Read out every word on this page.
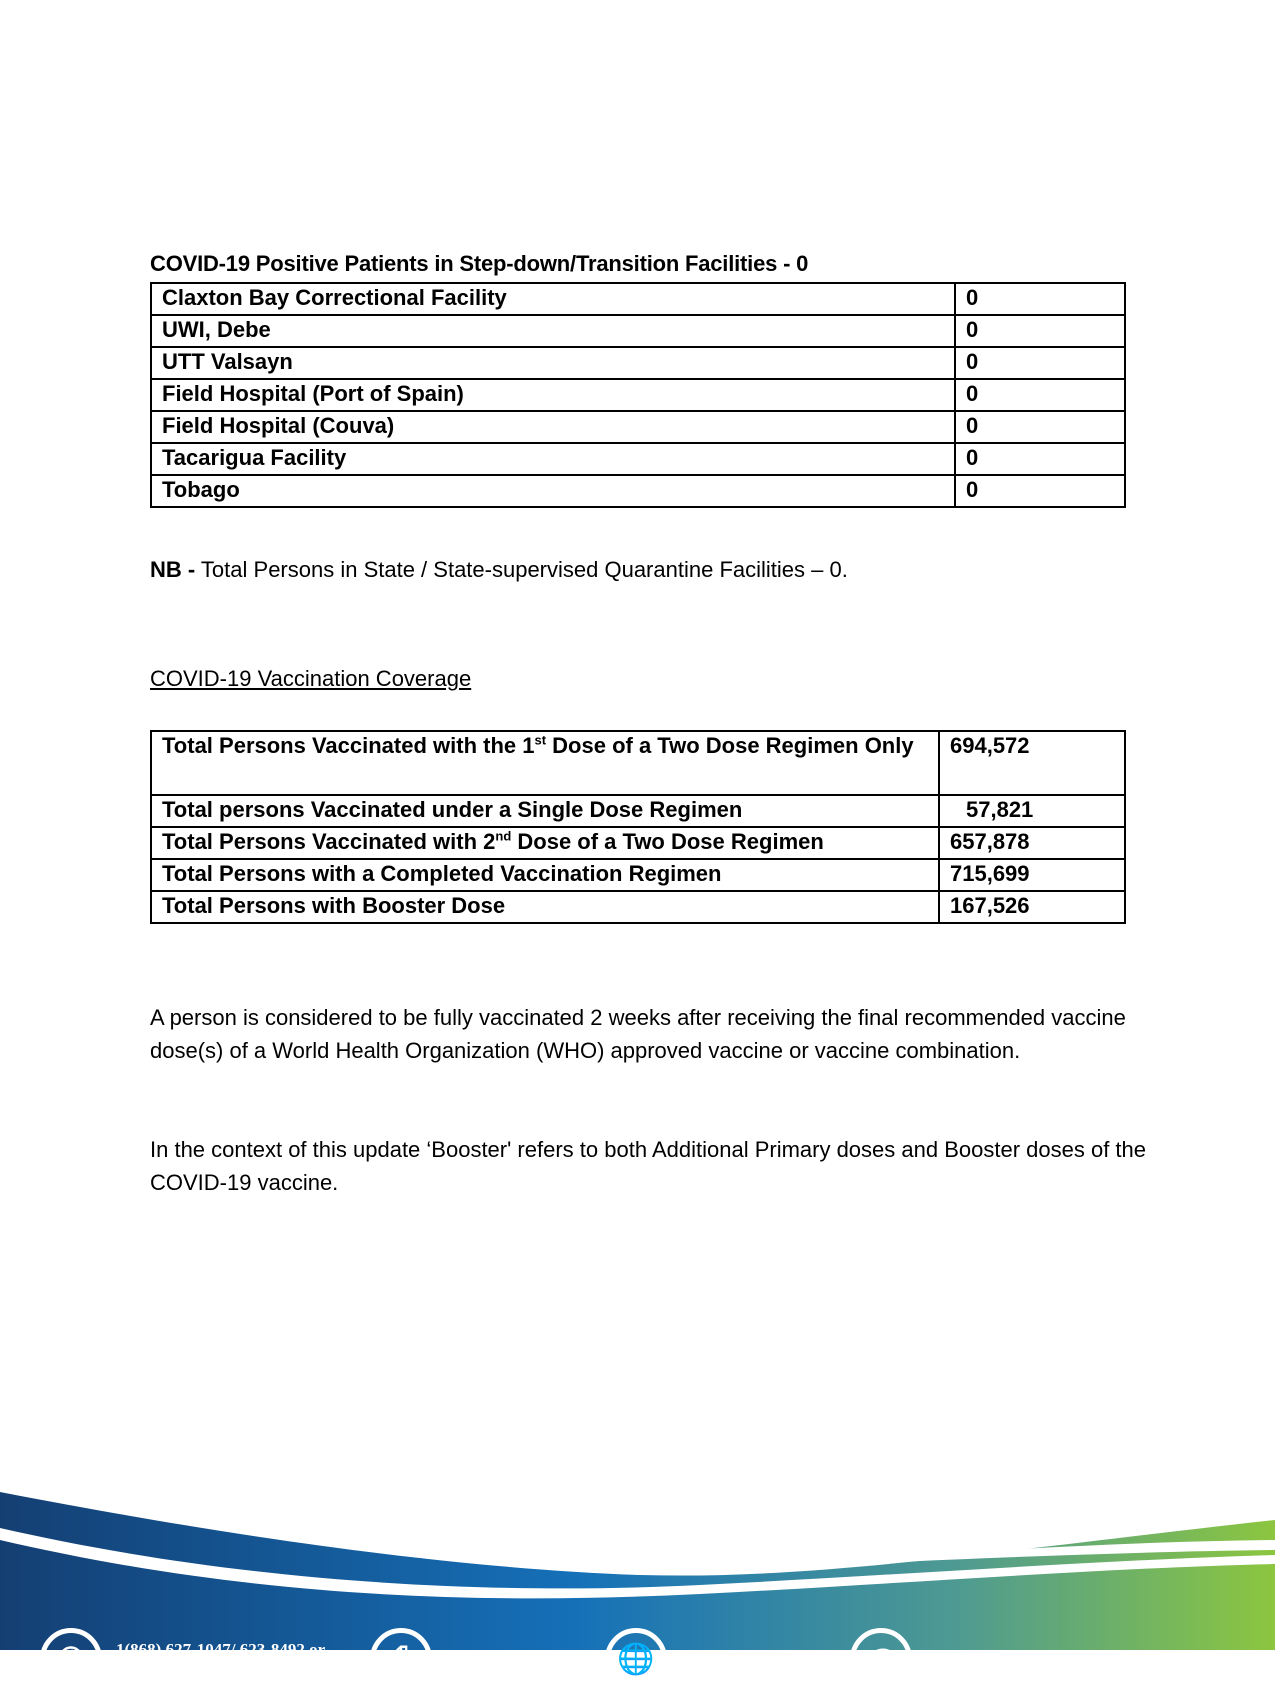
COVID-19 Positive Patients in Step-down/Transition Facilities - 0
Claxton Bay Correctional Facility	0
UWI, Debe	0
UTT Valsayn	0
Field Hospital (Port of Spain)	0
Field Hospital (Couva)	0
Tacarigua Facility	0
Tobago	0
NB - Total Persons in State / State-supervised Quarantine Facilities – 0.
COVID-19 Vaccination Coverage
Total Persons Vaccinated with the 1st Dose of a Two Dose Regimen Only	694,572
Total persons Vaccinated under a Single Dose Regimen	57,821
Total Persons Vaccinated with 2nd Dose of a Two Dose Regimen	657,878
Total Persons with a Completed Vaccination Regimen	715,699
Total Persons with Booster Dose	167,526
A person is considered to be fully vaccinated 2 weeks after receiving the final recommended vaccine dose(s) of a World Health Organization (WHO) approved vaccine or vaccine combination.
In the context of this update ‘Booster' refers to both Additional Primary doses and Booster doses of the COVID-19 vaccine.
✆	1(868) 627-1047/ 623-8492 or 627-0010/12/14	⎙	1(868) 627-1047	🌐	www.health.gov.tt	@	corporatecommunications@health.gov.tt
